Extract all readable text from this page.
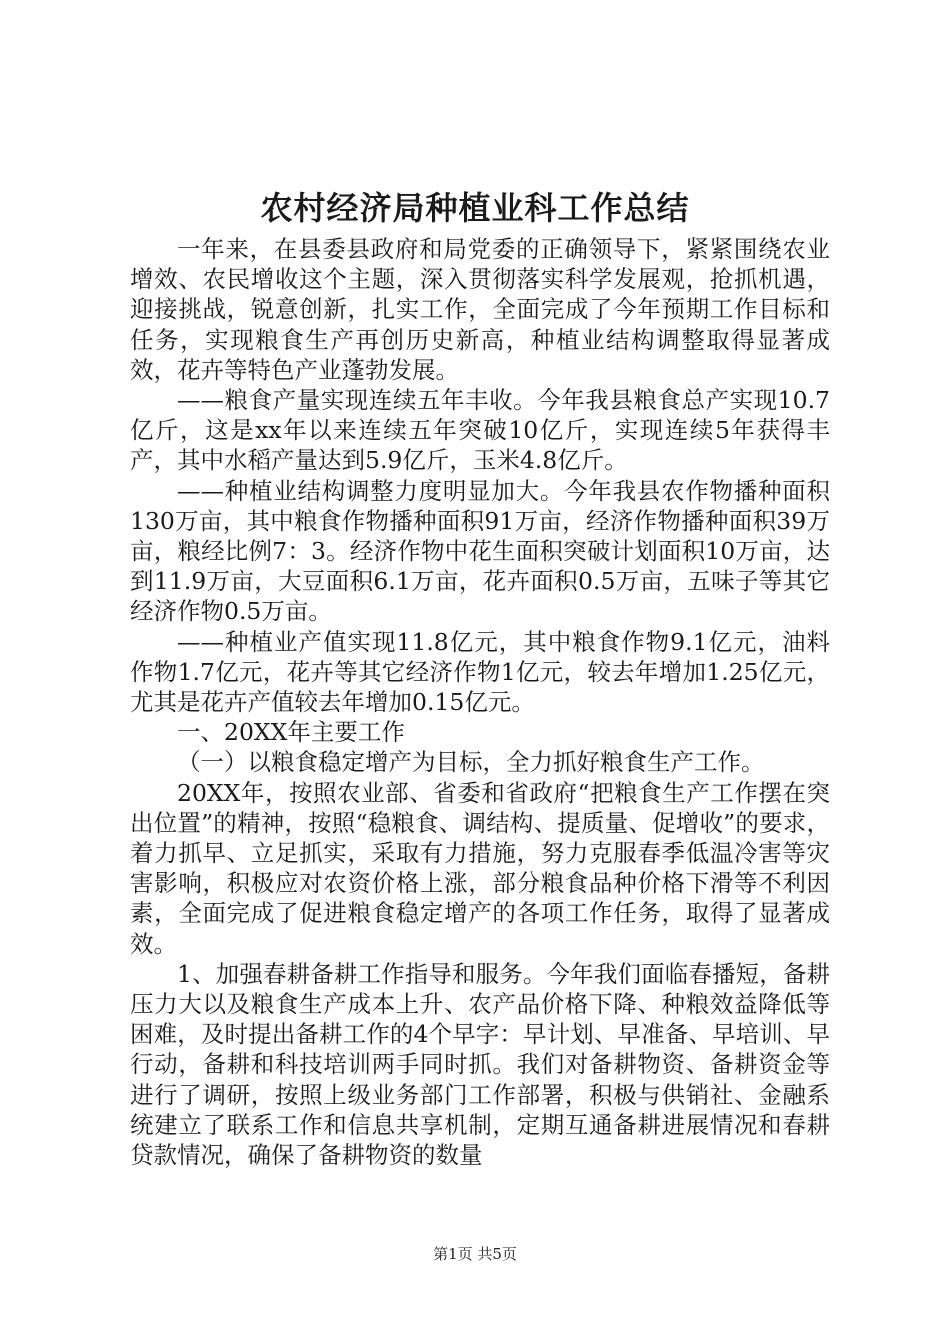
农村经济局种植业科工作总结

一年来，在县委县政府和局党委的正确领导下，紧紧围绕农业增效、农民增收这个主题，深入贯彻落实科学发展观，抢抓机遇，迎接挑战，锐意创新，扎实工作，全面完成了今年预期工作目标和任务，实现粮食生产再创历史新高，种植业结构调整取得显著成效，花卉等特色产业蓬勃发展。

——粮食产量实现连续五年丰收。今年我县粮食总产实现10.7亿斤，这是xx年以来连续五年突破10亿斤，实现连续5年获得丰产，其中水稻产量达到5.9亿斤，玉米4.8亿斤。

——种植业结构调整力度明显加大。今年我县农作物播种面积130万亩，其中粮食作物播种面积91万亩，经济作物播种面积39万亩，粮经比例7：3。经济作物中花生面积突破计划面积10万亩，达到11.9万亩，大豆面积6.1万亩，花卉面积0.5万亩，五味子等其它经济作物0.5万亩。

——种植业产值实现11.8亿元，其中粮食作物9.1亿元，油料作物1.7亿元，花卉等其它经济作物1亿元，较去年增加1.25亿元，尤其是花卉产值较去年增加0.15亿元。

一、20XX年主要工作

（一）以粮食稳定增产为目标，全力抓好粮食生产工作。

20XX年，按照农业部、省委和省政府“把粮食生产工作摆在突出位置”的精神，按照“稳粮食、调结构、提质量、促增收”的要求，着力抓早、立足抓实，采取有力措施，努力克服春季低温冷害等灾害影响，积极应对农资价格上涨，部分粮食品种价格下滑等不利因素，全面完成了促进粮食稳定增产的各项工作任务，取得了显著成效。

1、加强春耕备耕工作指导和服务。今年我们面临春播短，备耕压力大以及粮食生产成本上升、农产品价格下降、种粮效益降低等困难，及时提出备耕工作的4个早字：早计划、早准备、早培训、早行动，备耕和科技培训两手同时抓。我们对备耕物资、备耕资金等进行了调研，按照上级业务部门工作部署，积极与供销社、金融系统建立了联系工作和信息共享机制，定期互通备耕进展情况和春耕贷款情况，确保了备耕物资的数量

第1页 共5页
